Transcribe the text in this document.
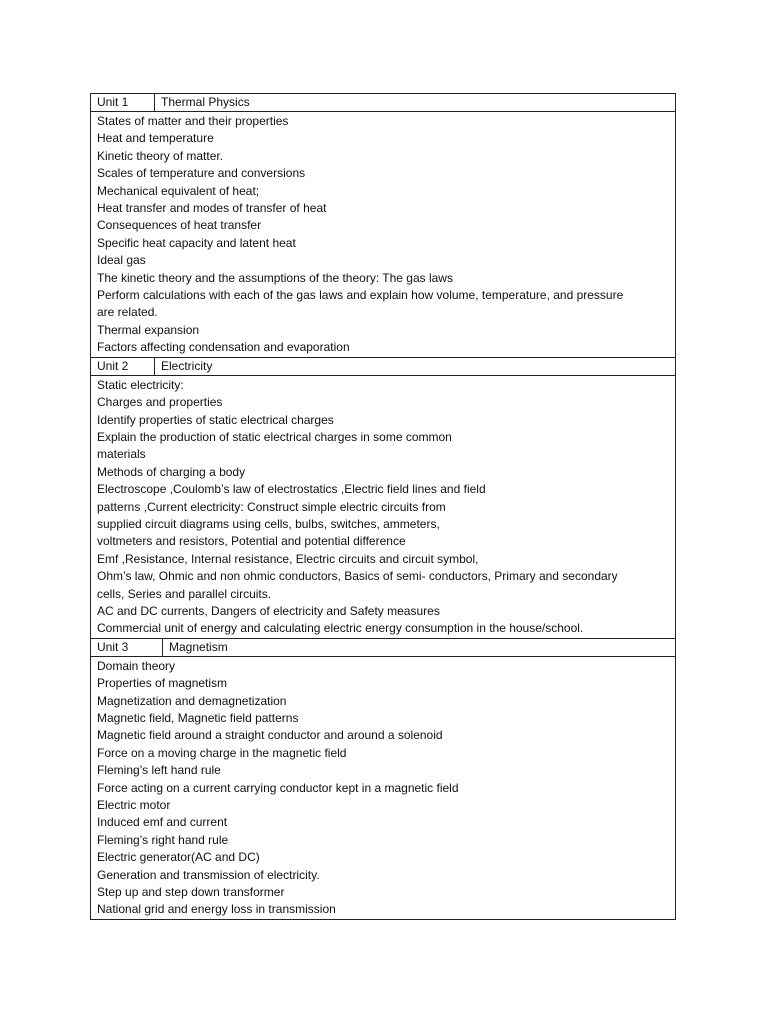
Unit 1	Thermal Physics
States of matter and their properties
Heat and temperature
Kinetic theory of matter.
Scales of temperature and conversions
Mechanical equivalent of heat;
Heat transfer and modes of transfer of heat
Consequences of heat transfer
Specific heat capacity and latent heat
Ideal gas
The kinetic theory and the assumptions of the theory: The gas laws
Perform calculations with each of the gas laws and explain how volume, temperature, and pressure
are related.
Thermal expansion
Factors affecting condensation and evaporation
Unit 2	Electricity
Static electricity:
Charges and properties
Identify properties of static electrical charges
Explain the production of static electrical charges in some common
materials
Methods of charging a body
Electroscope ,Coulomb’s law of electrostatics ,Electric field lines and field
patterns ,Current electricity: Construct simple electric circuits from
supplied circuit diagrams using cells, bulbs, switches, ammeters,
voltmeters and resistors, Potential and potential difference
Emf ,Resistance, Internal resistance, Electric circuits and circuit symbol,
Ohm’s law, Ohmic and non ohmic conductors, Basics of semi- conductors, Primary and secondary
cells, Series and parallel circuits.
AC and DC currents, Dangers of electricity and Safety measures
Commercial unit of energy and calculating electric energy consumption in the house/school.
Unit 3	Magnetism
Domain theory
Properties of magnetism
Magnetization and demagnetization
Magnetic field, Magnetic field patterns
Magnetic field around a straight conductor and around a solenoid
Force on a moving charge in the magnetic field
Fleming’s left hand rule
Force acting on a current carrying conductor kept in a magnetic field
Electric motor
Induced emf and current
Fleming’s right hand rule
Electric generator(AC and DC)
Generation and transmission of electricity.
Step up and step down transformer
National grid and energy loss in transmission
